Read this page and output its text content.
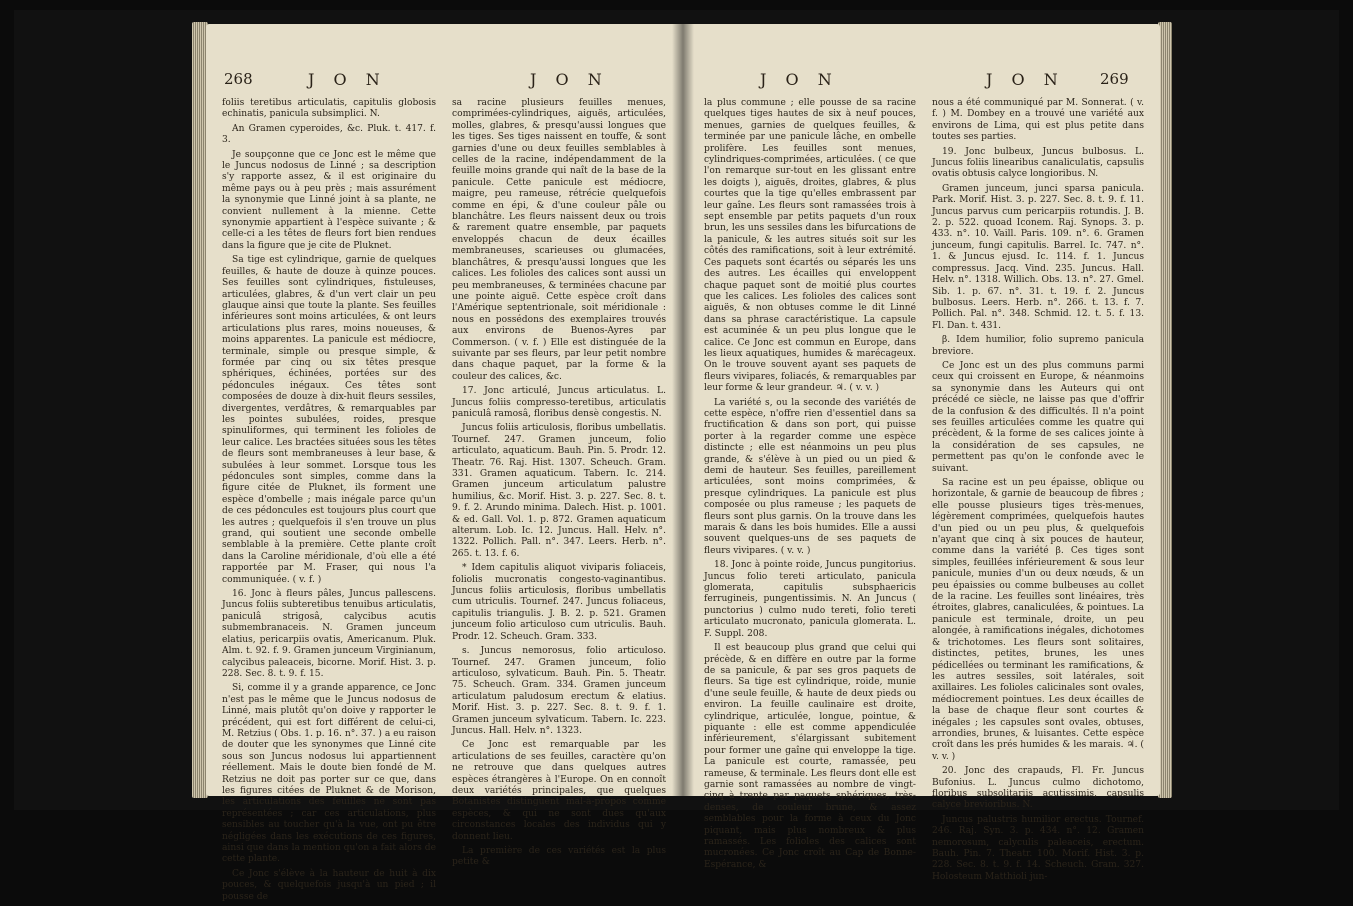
268	J O N	J O N

foliis teretibus articulatis, capitulis globosis echinatis, panicula subsimplici. N.

An Gramen cyperoides, &c. Pluk. t. 417. f. 3.

Je soupçonne que ce Jonc est le même que le Juncus nodosus de Linné ; sa description s'y rapporte assez, & il est originaire du même pays ou à peu près ; mais assurément la synonymie que Linné joint à sa plante, ne convient nullement à la mienne. Cette synonymie appartient à l'espèce suivante ; & celle-ci a les têtes de fleurs fort bien rendues dans la figure que je cite de Pluknet.

Sa tige est cylindrique, garnie de quelques feuilles, & haute de douze à quinze pouces. Ses feuilles sont cylindriques, fistuleuses, articulées, glabres, & d'un vert clair un peu glauque ainsi que toute la plante. Ses feuilles inférieures sont moins articulées, & ont leurs articulations plus rares, moins noueuses, & moins apparentes. La panicule est médiocre, terminale, simple ou presque simple, & formée par cinq ou six têtes presque sphériques, échinées, portées sur des pédoncules inégaux. Ces têtes sont composées de douze à dix-huit fleurs sessiles, divergentes, verdâtres, & remarquables par les pointes subulées, roides, presque spinuliformes, qui terminent les folioles de leur calice. Les bractées situées sous les têtes de fleurs sont membraneuses à leur base, & subulées à leur sommet. Lorsque tous les pédoncules sont simples, comme dans la figure citée de Pluknet, ils forment une espèce d'ombelle ; mais inégale parce qu'un de ces pédoncules est toujours plus court que les autres ; quelquefois il s'en trouve un plus grand, qui soutient une seconde ombelle semblable à la première. Cette plante croît dans la Caroline méridionale, d'où elle a été rapportée par M. Fraser, qui nous l'a communiquée. ( v. f. )

16. Jonc à fleurs pâles, Juncus pallescens. Juncus foliis subteretibus tenuibus articulatis, paniculâ strigosâ, calycibus acutis submembranaceis. N. Gramen junceum elatius, pericarpiis ovatis, Americanum. Pluk. Alm. t. 92. f. 9. Gramen junceum Virginianum, calycibus paleaceis, bicorne. Morif. Hist. 3. p. 228. Sec. 8. t. 9. f. 15.

Si, comme il y a grande apparence, ce Jonc n'est pas le même que le Juncus nodosus de Linné, mais plutôt qu'on doive y rapporter le précédent, qui est fort différent de celui-ci, M. Retzius ( Obs. 1. p. 16. n°. 37. ) a eu raison de douter que les synonymes que Linné cite sous son Juncus nodosus lui appartiennent réellement. Mais le doute bien fondé de M. Retzius ne doit pas porter sur ce que, dans les figures citées de Pluknet & de Morison, les articulations des feuilles ne sont pas représentées ; car ces articulations, plus sensibles au toucher qu'à la vue, ont pu être négligées dans les exécutions de ces figures, ainsi que dans la mention qu'on a fait alors de cette plante.

Ce Jonc s'élève à la hauteur de huit à dix pouces, & quelquefois jusqu'à un pied ; il pousse de

sa racine plusieurs feuilles menues, comprimées-cylindriques, aiguës, articulées, molles, glabres, & presqu'aussi longues que les tiges. Ses tiges naissent en touffe, & sont garnies d'une ou deux feuilles semblables à celles de la racine, indépendamment de la feuille moins grande qui naît de la base de la panicule. Cette panicule est médiocre, maigre, peu rameuse, rétrécie quelquefois comme en épi, & d'une couleur pâle ou blanchâtre. Les fleurs naissent deux ou trois & rarement quatre ensemble, par paquets enveloppés chacun de deux écailles membraneuses, scarieuses ou glumacées, blanchâtres, & presqu'aussi longues que les calices. Les folioles des calices sont aussi un peu membraneuses, & terminées chacune par une pointe aiguë. Cette espèce croît dans l'Amérique septentrionale, soit méridionale : nous en possédons des exemplaires trouvés aux environs de Buenos-Ayres par Commerson. ( v. f. ) Elle est distinguée de la suivante par ses fleurs, par leur petit nombre dans chaque paquet, par la forme & la couleur des calices, &c.

17. Jonc articulé, Juncus articulatus. L. Juncus foliis compresso-teretibus, articulatis paniculâ ramosâ, floribus densè congestis. N.

Juncus foliis articulosis, floribus umbellatis. Tournef. 247. Gramen junceum, folio articulato, aquaticum. Bauh. Pin. 5. Prodr. 12. Theatr. 76. Raj. Hist. 1307. Scheuch. Gram. 331. Gramen aquaticum. Tabern. Ic. 214. Gramen junceum articulatum palustre humilius, &c. Morif. Hist. 3. p. 227. Sec. 8. t. 9. f. 2. Arundo minima. Dalech. Hist. p. 1001. & ed. Gall. Vol. 1. p. 872. Gramen aquaticum alterum. Lob. Ic. 12. Juncus. Hall. Helv. n°. 1322. Pollich. Pall. n°. 347. Leers. Herb. n°. 265. t. 13. f. 6.

* Idem capitulis aliquot viviparis foliaceis, foliolis mucronatis congesto-vaginantibus. Juncus foliis articulosis, floribus umbellatis cum utriculis. Tournef. 247. Juncus foliaceus, capitulis triangulis. J. B. 2. p. 521. Gramen junceum folio articuloso cum utriculis. Bauh. Prodr. 12. Scheuch. Gram. 333.

s. Juncus nemorosus, folio articuloso. Tournef. 247. Gramen junceum, folio articuloso, sylvaticum. Bauh. Pin. 5. Theatr. 75. Scheuch. Gram. 334. Gramen junceum articulatum paludosum erectum & elatius. Morif. Hist. 3. p. 227. Sec. 8. t. 9. f. 1. Gramen junceum sylvaticum. Tabern. Ic. 223. Juncus. Hall. Helv. n°. 1323.

Ce Jonc est remarquable par les articulations de ses feuilles, caractère qu'on ne retrouve que dans quelques autres espèces étrangères à l'Europe. On en connoît deux variétés principales, que quelques Botanistes distinguent mal-à-propos comme espèces, & qui ne sont dues qu'aux circonstances locales des individus qui y donnent lieu.

La première de ces variétés est la plus petite &

J O N	J O N 269

la plus commune ; elle pousse de sa racine quelques tiges hautes de six à neuf pouces, menues, garnies de quelques feuilles, & terminée par une panicule lâche, en ombelle prolifère. Les feuilles sont menues, cylindriques-comprimées, articulées. ( ce que l'on remarque sur-tout en les glissant entre les doigts ), aiguës, droites, glabres, & plus courtes que la tige qu'elles embrassent par leur gaîne. Les fleurs sont ramassées trois à sept ensemble par petits paquets d'un roux brun, les uns sessiles dans les bifurcations de la panicule, & les autres situés soit sur les côtés des ramifications, soit à leur extrémité. Ces paquets sont écartés ou séparés les uns des autres. Les écailles qui enveloppent chaque paquet sont de moitié plus courtes que les calices. Les folioles des calices sont aiguës, & non obtuses comme le dit Linné dans sa phrase caractéristique. La capsule est acuminée & un peu plus longue que le calice. Ce Jonc est commun en Europe, dans les lieux aquatiques, humides & marécageux. On le trouve souvent ayant ses paquets de fleurs vivipares, foliacés, & remarquables par leur forme & leur grandeur. ♃. ( v. v. )

La variété s, ou la seconde des variétés de cette espèce, n'offre rien d'essentiel dans sa fructification & dans son port, qui puisse porter à la regarder comme une espèce distincte ; elle est néanmoins un peu plus grande, & s'élève à un pied ou un pied & demi de hauteur. Ses feuilles, pareillement articulées, sont moins comprimées, & presque cylindriques. La panicule est plus composée ou plus rameuse ; les paquets de fleurs sont plus garnis. On la trouve dans les marais & dans les bois humides. Elle a aussi souvent quelques-uns de ses paquets de fleurs vivipares. ( v. v. )

18. Jonc à pointe roide, Juncus pungitorius. Juncus folio tereti articulato, panicula glomerata, capitulis subsphaericis ferrugineis, pungentissimis. N. An Juncus ( punctorius ) culmo nudo tereti, folio tereti articulato mucronato, panicula glomerata. L. F. Suppl. 208.

Il est beaucoup plus grand que celui qui précède, & en diffère en outre par la forme de sa panicule, & par ses gros paquets de fleurs. Sa tige est cylindrique, roide, munie d'une seule feuille, & haute de deux pieds ou environ. La feuille caulinaire est droite, cylindrique, articulée, longue, pointue, & piquante : elle est comme appendiculée inférieurement, s'élargissant subitement pour former une gaîne qui enveloppe la tige. La panicule est courte, ramassée, peu rameuse, & terminale. Les fleurs dont elle est garnie sont ramassées au nombre de vingt-cinq à trente par paquets sphériques, très-denses, de couleur brune, & assez semblables pour la forme à ceux du Jonc piquant, mais plus nombreux & plus ramassés. Les folioles des calices sont mucronées. Ce Jonc croît au Cap de Bonne-Espérance, &

nous a été communiqué par M. Sonnerat. ( v. f. ) M. Dombey en a trouvé une variété aux environs de Lima, qui est plus petite dans toutes ses parties.

19. Jonc bulbeux, Juncus bulbosus. L. Juncus foliis linearibus canaliculatis, capsulis ovatis obtusis calyce longioribus. N.

Gramen junceum, junci sparsa panicula. Park. Morif. Hist. 3. p. 227. Sec. 8. t. 9. f. 11. Juncus parvus cum pericarpiis rotundis. J. B. 2. p. 522. quoad Iconem. Raj. Synops. 3. p. 433. n°. 10. Vaill. Paris. 109. n°. 6. Gramen junceum, fungi capitulis. Barrel. Ic. 747. n°. 1. & Juncus ejusd. Ic. 114. f. 1. Juncus compressus. Jacq. Vind. 235. Juncus. Hall. Helv. n°. 1318. Willich. Obs. 13. n°. 27. Gmel. Sib. 1. p. 67. n°. 31. t. 19. f. 2. Juncus bulbosus. Leers. Herb. n°. 266. t. 13. f. 7. Pollich. Pal. n°. 348. Schmid. 12. t. 5. f. 13. Fl. Dan. t. 431.

β. Idem humilior, folio supremo panicula breviore.

Ce Jonc est un des plus communs parmi ceux qui croissent en Europe, & néanmoins sa synonymie dans les Auteurs qui ont précédé ce siècle, ne laisse pas que d'offrir de la confusion & des difficultés. Il n'a point ses feuilles articulées comme les quatre qui précèdent, & la forme de ses calices jointe à la considération de ses capsules, ne permettent pas qu'on le confonde avec le suivant.

Sa racine est un peu épaisse, oblique ou horizontale, & garnie de beaucoup de fibres ; elle pousse plusieurs tiges très-menues, légèrement comprimées, quelquefois hautes d'un pied ou un peu plus, & quelquefois n'ayant que cinq à six pouces de hauteur, comme dans la variété β. Ces tiges sont simples, feuillées inférieurement & sous leur panicule, munies d'un ou deux nœuds, & un peu épaissies ou comme bulbeuses au collet de la racine. Les feuilles sont linéaires, très étroites, glabres, canaliculées, & pointues. La panicule est terminale, droite, un peu alongée, à ramifications inégales, dichotomes & trichotomes. Les fleurs sont solitaires, distinctes, petites, brunes, les unes pédicellées ou terminant les ramifications, & les autres sessiles, soit latérales, soit axillaires. Les folioles calicinales sont ovales, médiocrement pointues. Les deux écailles de la base de chaque fleur sont courtes & inégales ; les capsules sont ovales, obtuses, arrondies, brunes, & luisantes. Cette espèce croît dans les prés humides & les marais. ♃. ( v. v. )

20. Jonc des crapauds, Fl. Fr. Juncus Bufonius. L. Juncus culmo dichotomo, floribus subsolitariis acutissimis, capsulis calyce brevioribus. N.

Juncus palustris humilior erectus. Tournef. 246. Raj. Syn. 3. p. 434. n°. 12. Gramen nemorosum, calyculis paleaceis, erectum. Bauh. Pin. 7. Theatr. 100. Morif. Hist. 3. p. 228. Sec. 8. t. 9. f. 14. Scheuch. Gram. 327. Holosteum Matthioli jun-
